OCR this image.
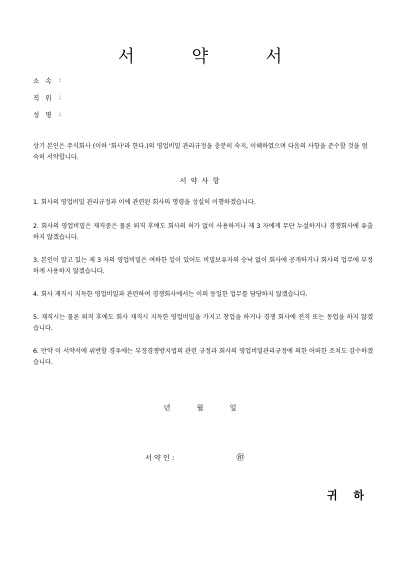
서 약 서
소속 :
직위 :
성명 :
상기 본인은 주식회사 (이하 '회사'라 한다.)의 영업비밀 관리규정을 충분히 숙지, 이해하였으며 다음의 사항을 준수할 것을 엄숙히 서약합니다.
서 약 사 항
1. 회사의 영업비밀 관리규정과 이에 관련된 회사의 명령을 성실히 이행하겠습니다.
2. 회사의 영업비밀은 재직중은 물론 퇴직 후에도 회사의 허가 없이 사용하거나 제 3 자에게 무단 누설하거나 경쟁회사에 유출하지 않겠습니다.
3. 본인이 알고 있는 제 3 자의 영업비밀은 여하한 일이 있어도 비밀보유자의 승낙 없이 회사에 공개하거나 회사의 업무에 부정하게 사용하지 않겠습니다.
4. 회사 재직시 지득한 영업비밀과 관련하여 경쟁회사에서는 이의 동일한 업무를 담당하지 않겠습니다.
5. 재직시는 물론 퇴직 후에도 회사 재직시 지득한 영업비밀을 가지고 창업을 하거나 경쟁 회사에 전직 또는 동업을 하지 않겠습니다.
6. 만약 이 서약서에 위반할 경우에는 부정경쟁방지법의 관련 규정과 회사의 영업비밀관리규정에 의한 어떠한 조치도 감수하겠습니다.
년 월 일
서 약 인 :	㊞
귀 하
